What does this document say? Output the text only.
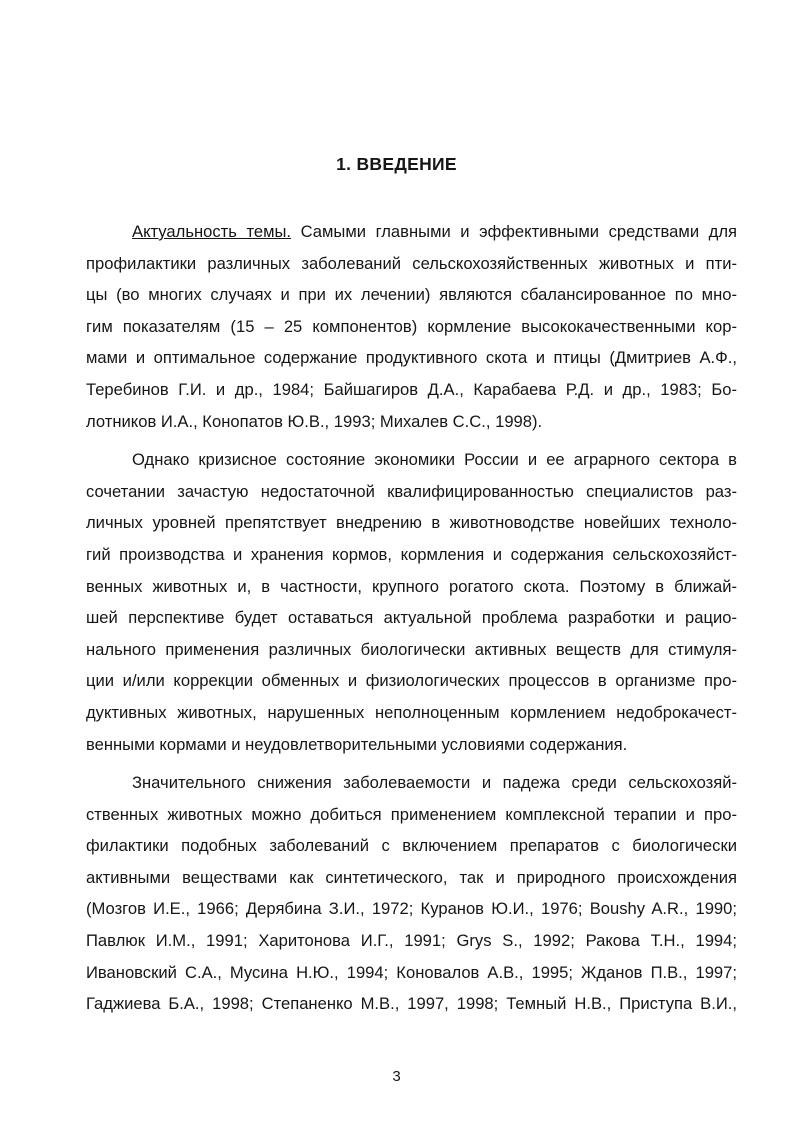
1. ВВЕДЕНИЕ
Актуальность темы. Самыми главными и эффективными средствами для
профилактики различных заболеваний сельскохозяйственных животных и пти-
цы (во многих случаях и при их лечении) являются сбалансированное по мно-
гим показателям (15 – 25 компонентов) кормление высококачественными кор-
мами и оптимальное содержание продуктивного скота и птицы (Дмитриев А.Ф.,
Теребинов Г.И. и др., 1984; Байшагиров Д.А., Карабаева Р.Д. и др., 1983; Бо-
лотников И.А., Конопатов Ю.В., 1993; Михалев С.С., 1998).
Однако кризисное состояние экономики России и ее аграрного сектора в
сочетании зачастую недостаточной квалифицированностью специалистов раз-
личных уровней препятствует внедрению в животноводстве новейших техноло-
гий производства и хранения кормов, кормления и содержания сельскохозяйст-
венных животных и, в частности, крупного рогатого скота. Поэтому в ближай-
шей перспективе будет оставаться актуальной проблема разработки и рацио-
нального применения различных биологически активных веществ для стимуля-
ции и/или коррекции обменных и физиологических процессов в организме про-
дуктивных животных, нарушенных неполноценным кормлением недоброкачест-
венными кормами и неудовлетворительными условиями содержания.
Значительного снижения заболеваемости и падежа среди сельскохозяй-
ственных животных можно добиться применением комплексной терапии и про-
филактики подобных заболеваний с включением препаратов с биологически
активными веществами как синтетического, так и природного происхождения
(Мозгов И.Е., 1966; Дерябина З.И., 1972; Куранов Ю.И., 1976; Boushy A.R., 1990;
Павлюк И.М., 1991; Харитонова И.Г., 1991; Grys S., 1992; Ракова Т.Н., 1994;
Ивановский С.А., Мусина Н.Ю., 1994; Коновалов А.В., 1995; Жданов П.В., 1997;
Гаджиева Б.А., 1998; Степаненко М.В., 1997, 1998; Темный Н.В., Приступа В.И.,
3
